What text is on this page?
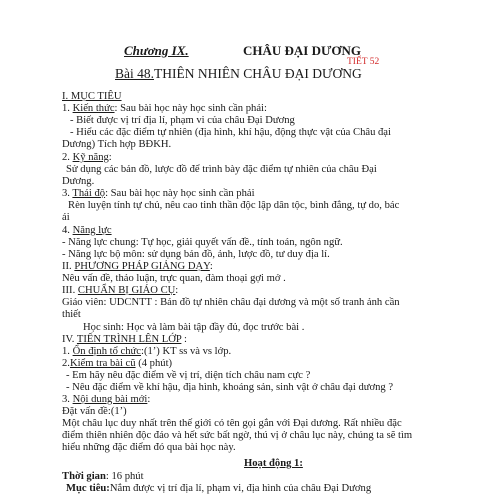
Chương IX.	CHÂU ĐẠI DƯƠNG
TIẾT 52
Bài 48.THIÊN NHIÊN CHÂU ĐẠI DƯƠNG
I. MỤC TIÊU
1. Kiến thức: Sau bài học này học sinh cần phải:
- Biết được vị trí địa lí, phạm vi của châu Đại Dương
- Hiểu các đặc điểm tự nhiên (địa hình, khí hậu, động thực vật của Châu đại
Dương) Tích hợp BĐKH.
2. Kỹ năng:
Sử dụng các bản đồ, lược đồ để trình bày đặc điểm tự nhiên của châu Đại
Dương.
3. Thái độ: Sau bài học này học sinh cần phải
Rèn luyện tính tự chủ, nêu cao tinh thần độc lập dân tộc, bình đẳng, tự do, bác
ái
4. Năng lực
- Năng lực chung: Tự học, giải quyết vấn đề., tính toán, ngôn ngữ.
- Năng lực bộ môn: sử dụng bản đồ, ảnh, lược đồ, tư duy địa lí.
II. PHƯƠNG PHÁP GIẢNG DẠY:
Nêu vấn đề, thảo luận, trực quan, đàm thoại gợi mở .
III. CHUẨN BỊ GIÁO CỤ:
Giáo viên: UDCNTT : Bản đồ tự nhiên châu đại dương và một số tranh ảnh cần
thiết
Học sinh: Học và làm bài tập đầy đủ, đọc trước bài .
IV. TIẾN TRÌNH LÊN LỚP :
1. Ổn định tổ chức:(1’) KT ss và vs lớp.
2.Kiểm tra bài cũ (4 phút)
- Em hãy nêu đặc điểm về vị trí, diện tích châu nam cực ?
- Nêu đặc điểm về khí hậu, địa hình, khoáng sản, sinh vật ở châu đại dương ?
3. Nội dung bài mới:
Đặt vấn đề:(1’)
Một châu lục duy nhất trên thế giới có tên gọi gắn với Đại dương. Rất nhiều đặc
điểm thiên nhiên độc đáo và hết sức bất ngờ, thú vị ở châu lục này, chúng ta sẽ tìm
hiểu những đặc điểm đó qua bài học này.
Hoạt động 1:
Thời gian: 16 phút
Mục tiêu:Nắm được vị trí địa lí, phạm vi, địa hình của châu Đại Dương
